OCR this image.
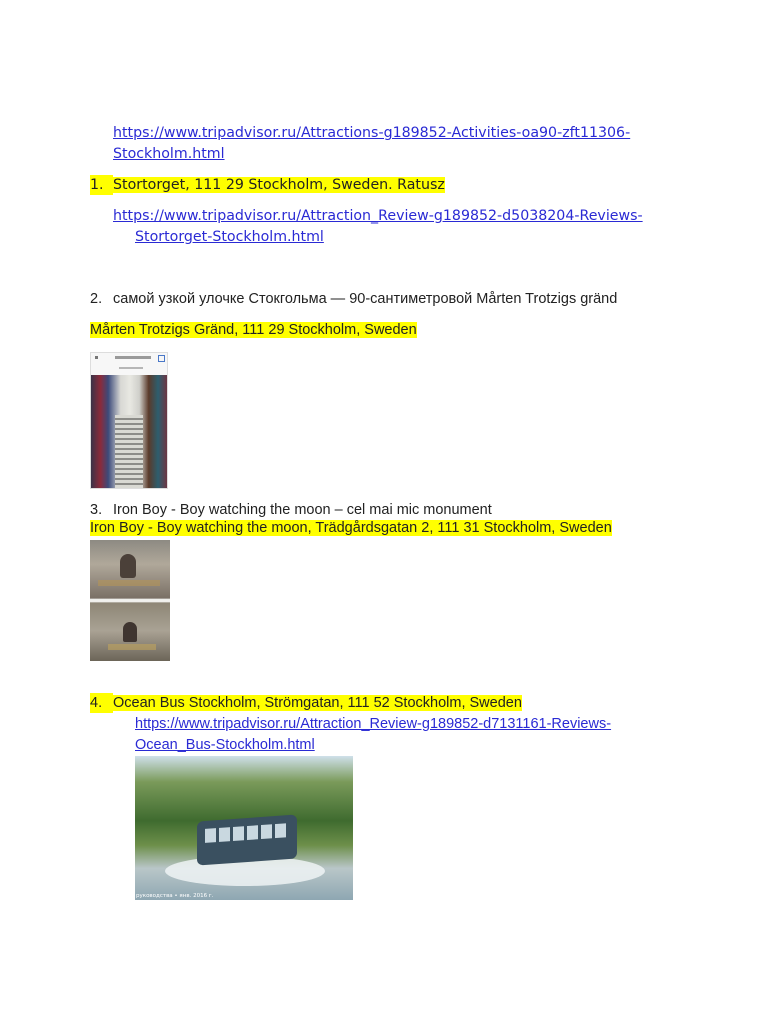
https://www.tripadvisor.ru/Attractions-g189852-Activities-oa90-zft11306-
Stockholm.html
1. Stortorget, 111 29 Stockholm, Sweden. Ratusz
https://www.tripadvisor.ru/Attraction_Review-g189852-d5038204-Reviews-
Stortorget-Stockholm.html
2. самой узкой улочке Стокгольма — 90-сантиметровой Mårten Trotzigs gränd
Mårten Trotzigs Gränd, 111 29 Stockholm, Sweden
3. Iron Boy - Boy watching the moon – cel mai mic monument
Iron Boy - Boy watching the moon, Trädgårdsgatan 2, 111 31 Stockholm, Sweden
4. Ocean Bus Stockholm, Strömgatan, 111 52 Stockholm, Sweden
https://www.tripadvisor.ru/Attraction_Review-g189852-d7131161-Reviews-
Ocean_Bus-Stockholm.html
руководства • янв. 2016 г.
